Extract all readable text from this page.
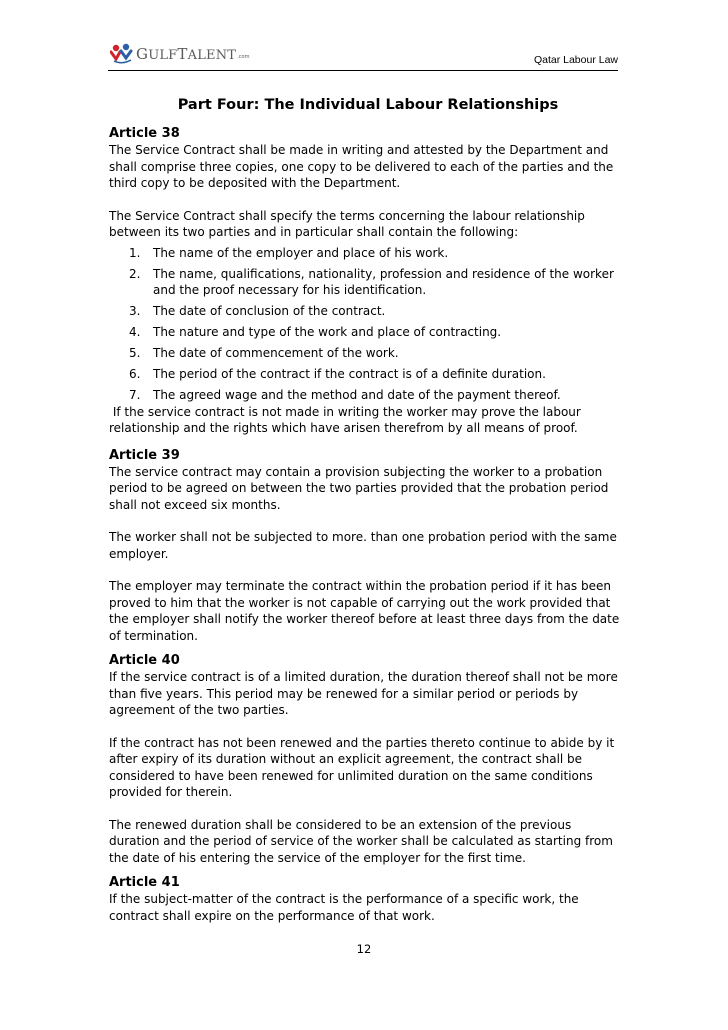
GULFTALENT .com	Qatar Labour Law
Part Four: The Individual Labour Relationships
Article 38

The Service Contract shall be made in writing and attested by the Department and shall comprise three copies, one copy to be delivered to each of the parties and the third copy to be deposited with the Department.

The Service Contract shall specify the terms concerning the labour relationship between its two parties and in particular shall contain the following:

1. The name of the employer and place of his work.
2. The name, qualifications, nationality, profession and residence of the worker and the proof necessary for his identification.
3. The date of conclusion of the contract.
4. The nature and type of the work and place of contracting.
5. The date of commencement of the work.
6. The period of the contract if the contract is of a definite duration.
7. The agreed wage and the method and date of the payment thereof.

If the service contract is not made in writing the worker may prove the labour relationship and the rights which have arisen therefrom by all means of proof.

Article 39

The service contract may contain a provision subjecting the worker to a probation period to be agreed on between the two parties provided that the probation period shall not exceed six months.

The worker shall not be subjected to more. than one probation period with the same employer.

The employer may terminate the contract within the probation period if it has been proved to him that the worker is not capable of carrying out the work provided that the employer shall notify the worker thereof before at least three days from the date of termination.

Article 40

If the service contract is of a limited duration, the duration thereof shall not be more than five years. This period may be renewed for a similar period or periods by agreement of the two parties.

If the contract has not been renewed and the parties thereto continue to abide by it after expiry of its duration without an explicit agreement, the contract shall be considered to have been renewed for unlimited duration on the same conditions provided for therein.

The renewed duration shall be considered to be an extension of the previous duration and the period of service of the worker shall be calculated as starting from the date of his entering the service of the employer for the first time.

Article 41

If the subject-matter of the contract is the performance of a specific work, the contract shall expire on the performance of that work.

12
